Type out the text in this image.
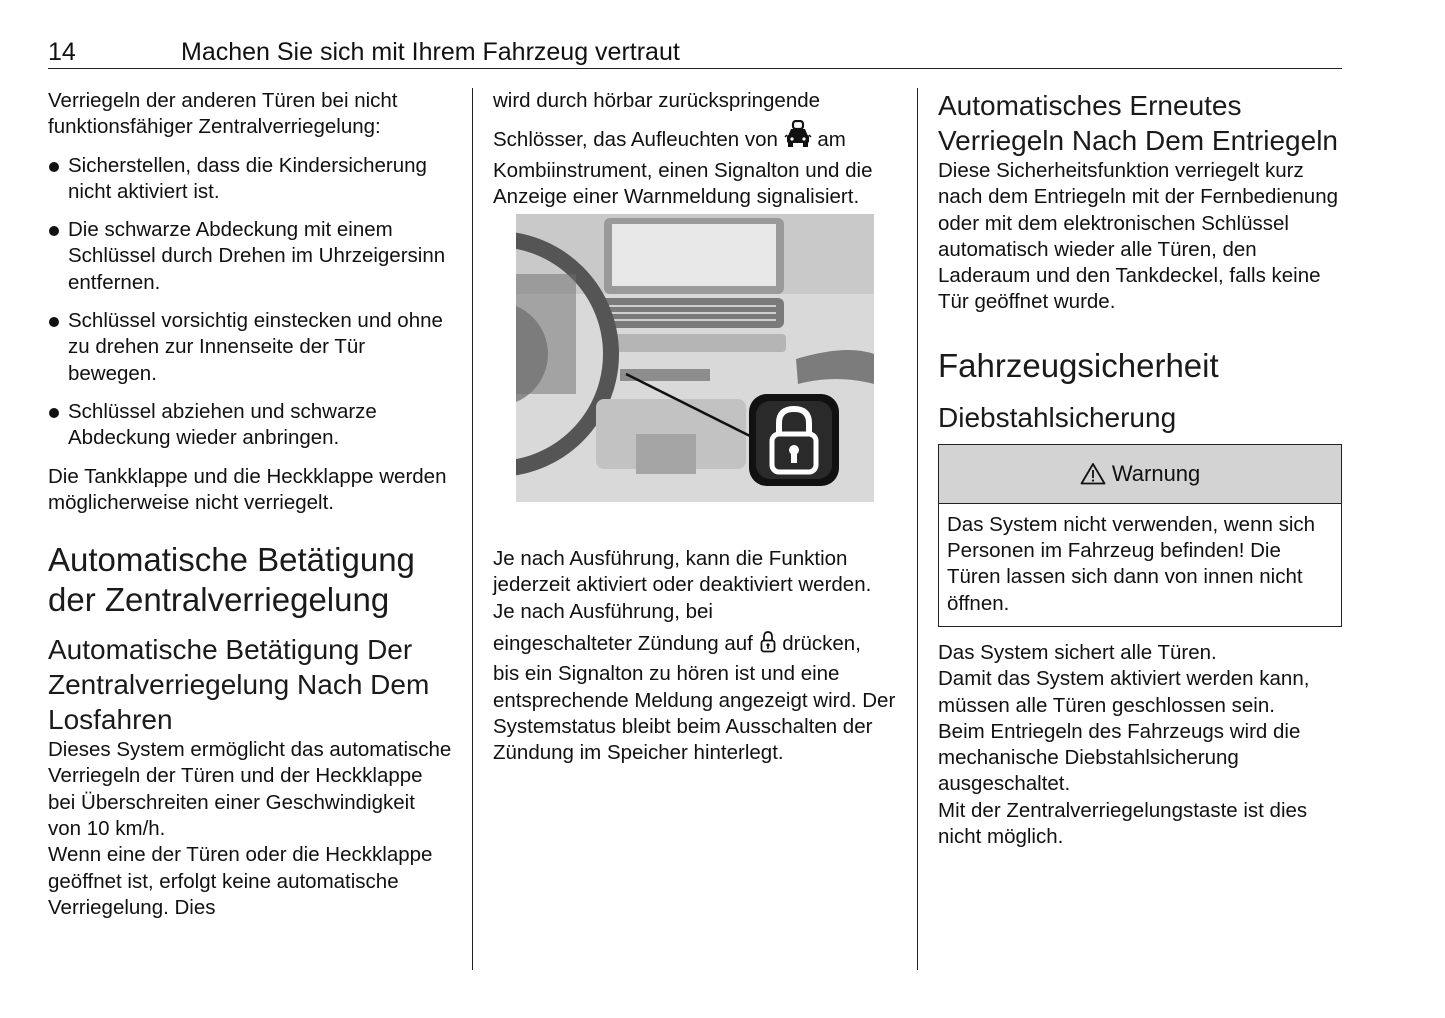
14	Machen Sie sich mit Ihrem Fahrzeug vertraut

Verriegeln der anderen Türen bei nicht funktionsfähiger Zentralverriegelung:

Sicherstellen, dass die Kindersicherung nicht aktiviert ist.
Die schwarze Abdeckung mit einem Schlüssel durch Drehen im Uhrzeigersinn entfernen.
Schlüssel vorsichtig einstecken und ohne zu drehen zur Innenseite der Tür bewegen.
Schlüssel abziehen und schwarze Abdeckung wieder anbringen.

Die Tankklappe und die Heckklappe werden möglicherweise nicht verriegelt.

Automatische Betätigung der Zentralverriegelung
Automatische Betätigung Der Zentralverriegelung Nach Dem Losfahren

Dieses System ermöglicht das automatische Verriegeln der Türen und der Heckklappe bei Überschreiten einer Geschwindigkeit von 10 km/h.

Wenn eine der Türen oder die Heckklappe geöffnet ist, erfolgt keine automatische Verriegelung. Dies

wird durch hörbar zurückspringende

Schlösser, das Aufleuchten von am Kombiinstrument, einen Signalton und die Anzeige einer Warnmeldung signalisiert.

Je nach Ausführung, kann die Funktion jederzeit aktiviert oder deaktiviert werden. Je nach Ausführung, bei

eingeschalteter Zündung auf drücken,

bis ein Signalton zu hören ist und eine entsprechende Meldung angezeigt wird. Der Systemstatus bleibt beim Ausschalten der Zündung im Speicher hinterlegt.

Automatisches Erneutes Verriegeln Nach Dem Entriegeln

Diese Sicherheitsfunktion verriegelt kurz nach dem Entriegeln mit der Fernbedienung oder mit dem elektronischen Schlüssel automatisch wieder alle Türen, den Laderaum und den Tankdeckel, falls keine Tür geöffnet wurde.

Fahrzeugsicherheit
Diebstahlsicherung
Warnung

Das System nicht verwenden, wenn sich Personen im Fahrzeug befinden! Die Türen lassen sich dann von innen nicht öffnen.

Das System sichert alle Türen.

Damit das System aktiviert werden kann, müssen alle Türen geschlossen sein.

Beim Entriegeln des Fahrzeugs wird die mechanische Diebstahlsicherung ausgeschaltet.

Mit der Zentralverriegelungstaste ist dies nicht möglich.
